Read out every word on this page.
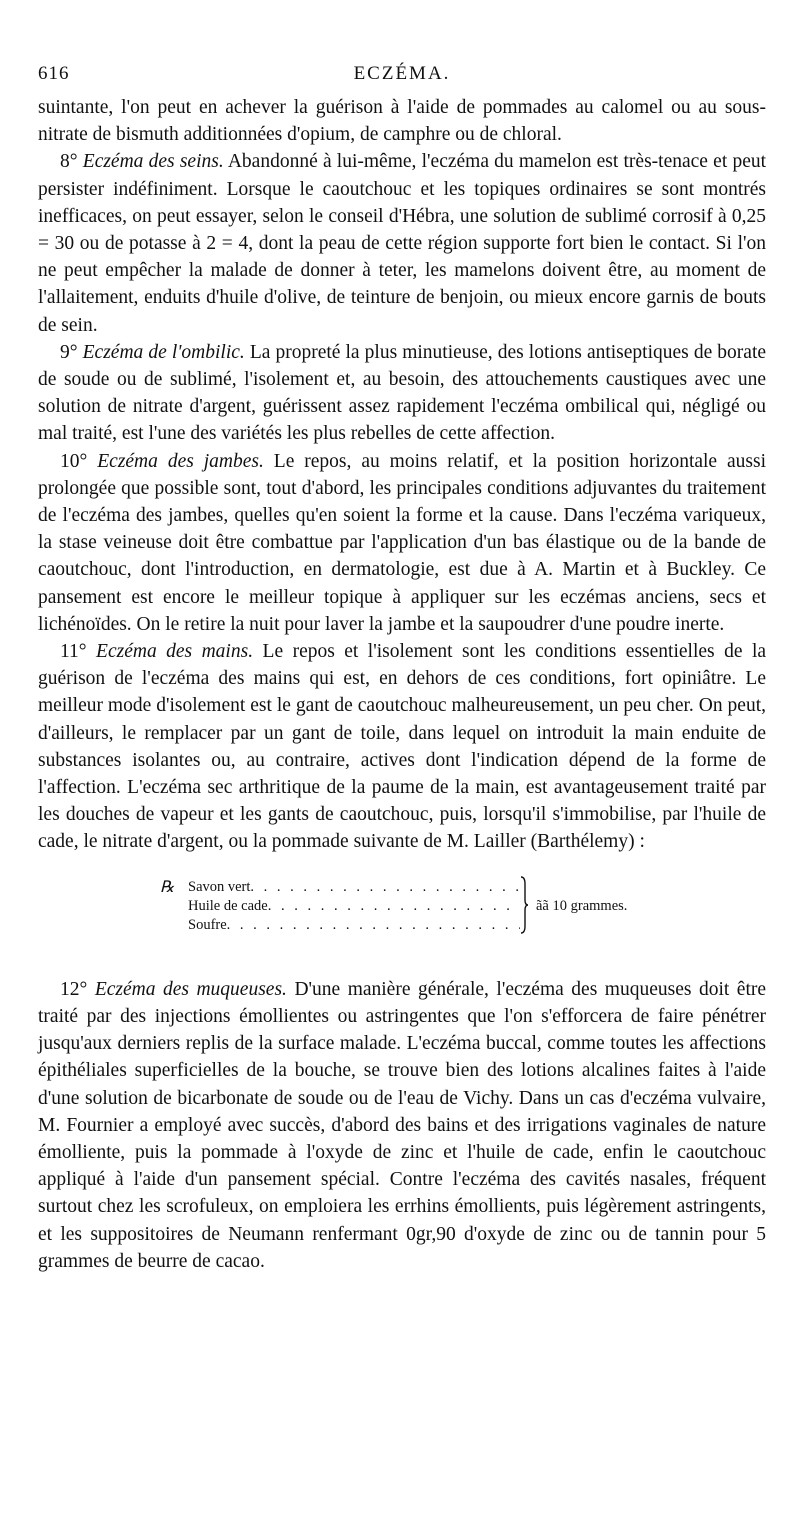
616	ECZÉMA.

suintante, l'on peut en achever la guérison à l'aide de pommades au calomel ou au sous-nitrate de bismuth additionnées d'opium, de camphre ou de chloral.

8° Eczéma des seins. Abandonné à lui-même, l'eczéma du mamelon est très-tenace et peut persister indéfiniment. Lorsque le caoutchouc et les topiques ordinaires se sont montrés inefficaces, on peut essayer, selon le conseil d'Hébra, une solution de sublimé corrosif à 0,25 = 30 ou de potasse à 2 = 4, dont la peau de cette région supporte fort bien le contact. Si l'on ne peut empêcher la malade de donner à teter, les mamelons doivent être, au moment de l'allaitement, enduits d'huile d'olive, de teinture de benjoin, ou mieux encore garnis de bouts de sein.

9° Eczéma de l'ombilic. La propreté la plus minutieuse, des lotions antiseptiques de borate de soude ou de sublimé, l'isolement et, au besoin, des attouchements caustiques avec une solution de nitrate d'argent, guérissent assez rapidement l'eczéma ombilical qui, négligé ou mal traité, est l'une des variétés les plus rebelles de cette affection.

10° Eczéma des jambes. Le repos, au moins relatif, et la position horizontale aussi prolongée que possible sont, tout d'abord, les principales conditions adjuvantes du traitement de l'eczéma des jambes, quelles qu'en soient la forme et la cause. Dans l'eczéma variqueux, la stase veineuse doit être combattue par l'application d'un bas élastique ou de la bande de caoutchouc, dont l'introduction, en dermatologie, est due à A. Martin et à Buckley. Ce pansement est encore le meilleur topique à appliquer sur les eczémas anciens, secs et lichénoïdes. On le retire la nuit pour laver la jambe et la saupoudrer d'une poudre inerte.

11° Eczéma des mains. Le repos et l'isolement sont les conditions essentielles de la guérison de l'eczéma des mains qui est, en dehors de ces conditions, fort opiniâtre. Le meilleur mode d'isolement est le gant de caoutchouc malheureusement, un peu cher. On peut, d'ailleurs, le remplacer par un gant de toile, dans lequel on introduit la main enduite de substances isolantes ou, au contraire, actives dont l'indication dépend de la forme de l'affection. L'eczéma sec arthritique de la paume de la main, est avantageusement traité par les douches de vapeur et les gants de caoutchouc, puis, lorsqu'il s'immobilise, par l'huile de cade, le nitrate d'argent, ou la pommade suivante de M. Lailler (Barthélemy) :

℞ Savon vert
. . .
Huile de cade
. . .
Soufre
. . .
ãã 10 grammes.

12° Eczéma des muqueuses. D'une manière générale, l'eczéma des muqueuses doit être traité par des injections émollientes ou astringentes que l'on s'efforcera de faire pénétrer jusqu'aux derniers replis de la surface malade. L'eczéma buccal, comme toutes les affections épithéliales superficielles de la bouche, se trouve bien des lotions alcalines faites à l'aide d'une solution de bicarbonate de soude ou de l'eau de Vichy. Dans un cas d'eczéma vulvaire, M. Fournier a employé avec succès, d'abord des bains et des irrigations vaginales de nature émolliente, puis la pommade à l'oxyde de zinc et l'huile de cade, enfin le caoutchouc appliqué à l'aide d'un pansement spécial. Contre l'eczéma des cavités nasales, fréquent surtout chez les scrofuleux, on emploiera les errhins émollients, puis légèrement astringents, et les suppositoires de Neumann renfermant 0gr,90 d'oxyde de zinc ou de tannin pour 5 grammes de beurre de cacao.
